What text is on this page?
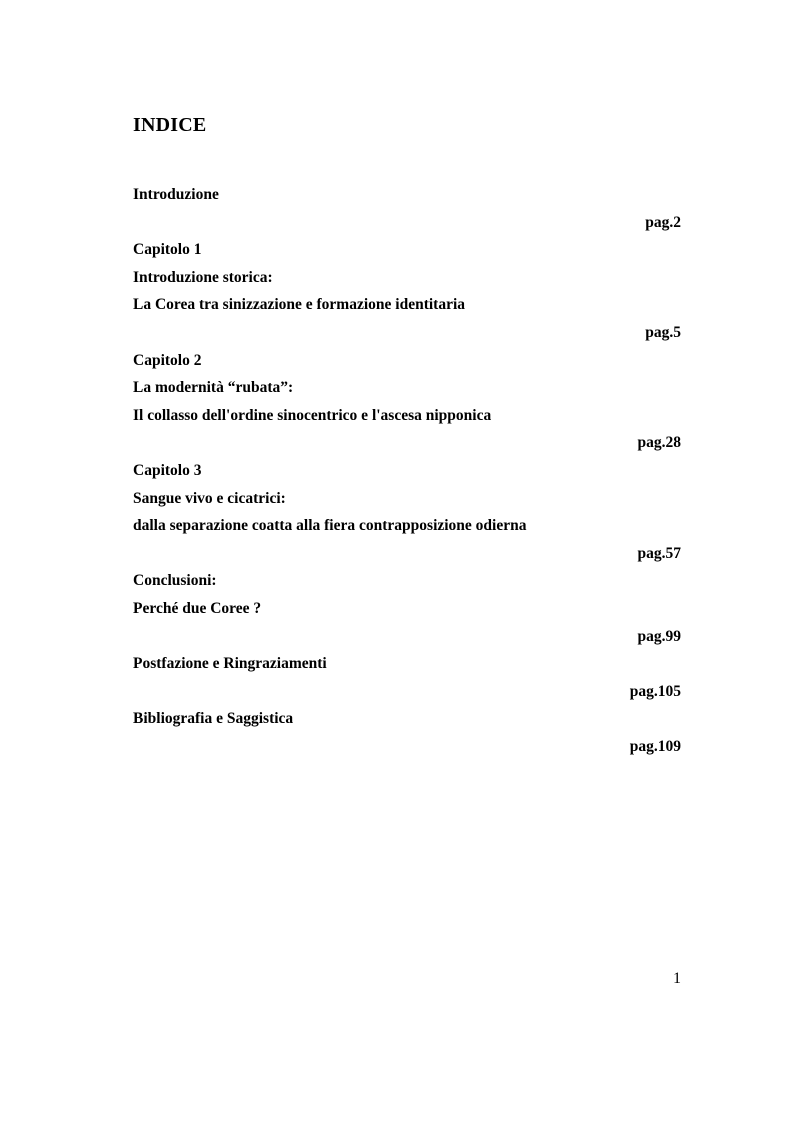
INDICE
Introduzione
pag.2
Capitolo 1
Introduzione storica:
La Corea tra sinizzazione e formazione identitaria
pag.5
Capitolo 2
La modernità “rubata”:
Il collasso dell'ordine sinocentrico e l'ascesa nipponica
pag.28
Capitolo 3
Sangue vivo e cicatrici:
dalla separazione coatta alla fiera contrapposizione odierna
pag.57
Conclusioni:
Perché due Coree ?
pag.99
Postfazione e Ringraziamenti
pag.105
Bibliografia e Saggistica
pag.109
1
